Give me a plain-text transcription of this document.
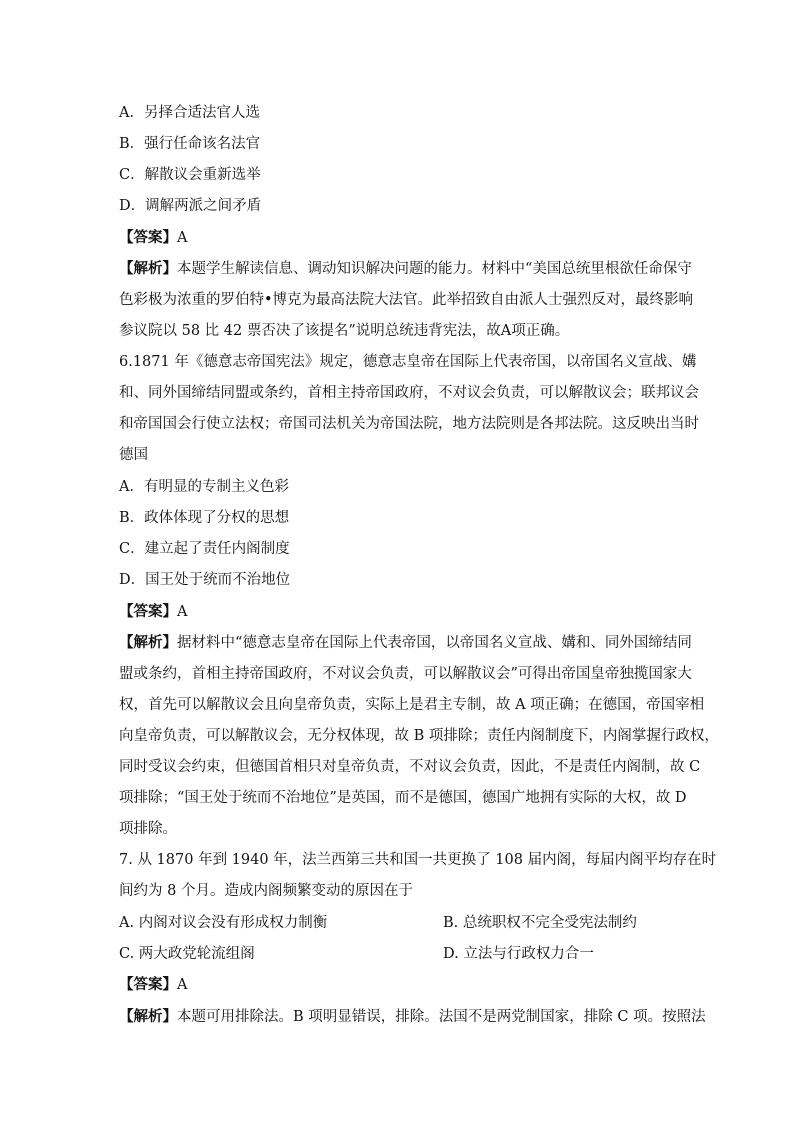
A．另择合适法官人选
B．强行任命该名法官
C．解散议会重新选举
D．调解两派之间矛盾
【答案】A
【解析】本题学生解读信息、调动知识解决问题的能力。材料中“美国总统里根欲任命保守
色彩极为浓重的罗伯特•博克为最高法院大法官。此举招致自由派人士强烈反对，最终影响
参议院以 58 比 42 票否决了该提名”说明总统违背宪法，故A项正确。
6.1871 年《德意志帝国宪法》规定，德意志皇帝在国际上代表帝国，以帝国名义宣战、媾
和、同外国缔结同盟或条约，首相主持帝国政府，不对议会负责，可以解散议会；联邦议会
和帝国国会行使立法权；帝国司法机关为帝国法院，地方法院则是各邦法院。这反映出当时
德国
A．有明显的专制主义色彩
B．政体体现了分权的思想
C．建立起了责任内阁制度
D．国王处于统而不治地位
【答案】A
【解析】据材料中“德意志皇帝在国际上代表帝国，以帝国名义宣战、媾和、同外国缔结同
盟或条约，首相主持帝国政府，不对议会负责，可以解散议会”可得出帝国皇帝独揽国家大
权，首先可以解散议会且向皇帝负责，实际上是君主专制，故 A 项正确；在德国，帝国宰相
向皇帝负责，可以解散议会，无分权体现，故 B 项排除；责任内阁制度下，内阁掌握行政权，
同时受议会约束，但德国首相只对皇帝负责，不对议会负责，因此，不是责任内阁制，故 C
项排除；“国王处于统而不治地位”是英国，而不是德国，德国广地拥有实际的大权，故 D
项排除。
7. 从 1870 年到 1940 年，法兰西第三共和国一共更换了 108 届内阁，每届内阁平均存在时
间约为 8 个月。造成内阁频繁变动的原因在于
A. 内阁对议会没有形成权力制衡	B. 总统职权不完全受宪法制约
C. 两大政党轮流组阁	D. 立法与行政权力合一
【答案】A
【解析】本题可用排除法。B 项明显错误，排除。法国不是两党制国家，排除 C 项。按照法
